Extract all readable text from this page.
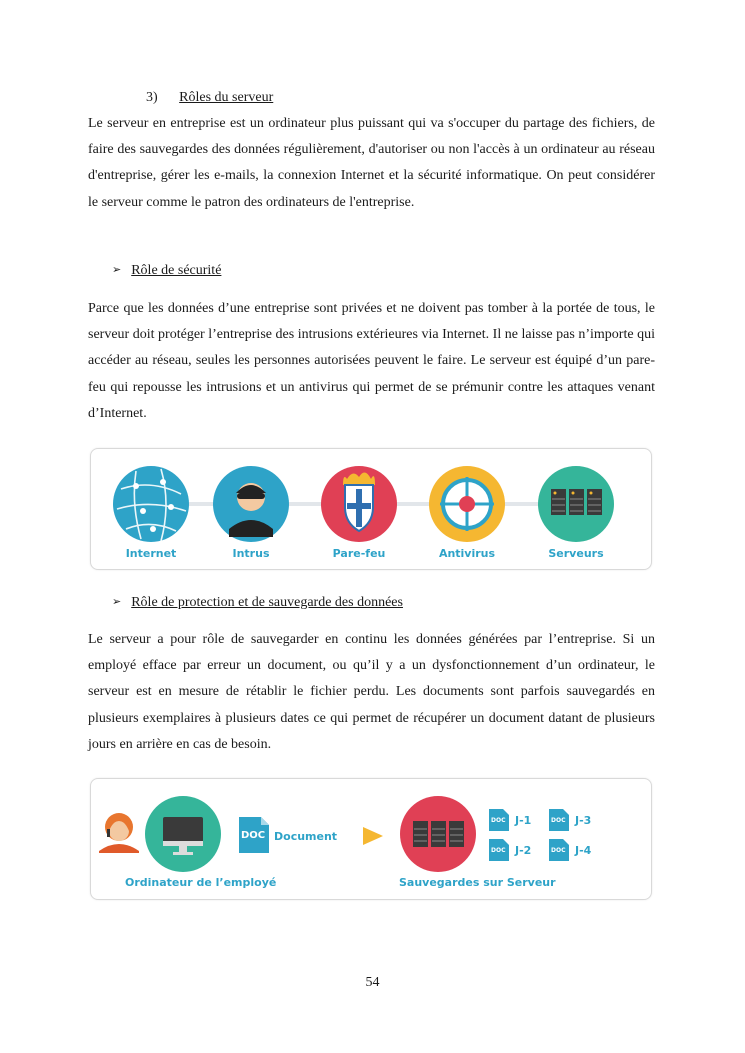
3) Rôles du serveur

Le serveur en entreprise est un ordinateur plus puissant qui va s'occuper du partage des fichiers, de faire des sauvegardes des données régulièrement, d'autoriser ou non l'accès à un ordinateur au réseau d'entreprise, gérer les e-mails, la connexion Internet et la sécurité informatique. On peut considérer le serveur comme le patron des ordinateurs de l'entreprise.

➢ Rôle de sécurité

Parce que les données d’une entreprise sont privées et ne doivent pas tomber à la portée de tous, le serveur doit protéger l’entreprise des intrusions extérieures via Internet. Il ne laisse pas n’importe qui accéder au réseau, seules les personnes autorisées peuvent le faire. Le serveur est équipé d’un pare-feu qui repousse les intrusions et un antivirus qui permet de se prémunir contre les attaques venant d’Internet.

Internet	Intrus	Pare-feu	Antivirus	Serveurs
➢ Rôle de protection et de sauvegarde des données

Le serveur a pour rôle de sauvegarder en continu les données générées par l’entreprise. Si un employé efface par erreur un document, ou qu’il y a un dysfonctionnement d’un ordinateur, le serveur est en mesure de rétablir le fichier perdu. Les documents sont parfois sauvegardés en plusieurs exemplaires à plusieurs dates ce qui permet de récupérer un document datant de plusieurs jours en arrière en cas de besoin.

DOC Document
DOC	DOC
DOC	DOC
J-1	J-3
J-2	J-4
Ordinateur de l’employé	Sauvegardes sur Serveur
54
